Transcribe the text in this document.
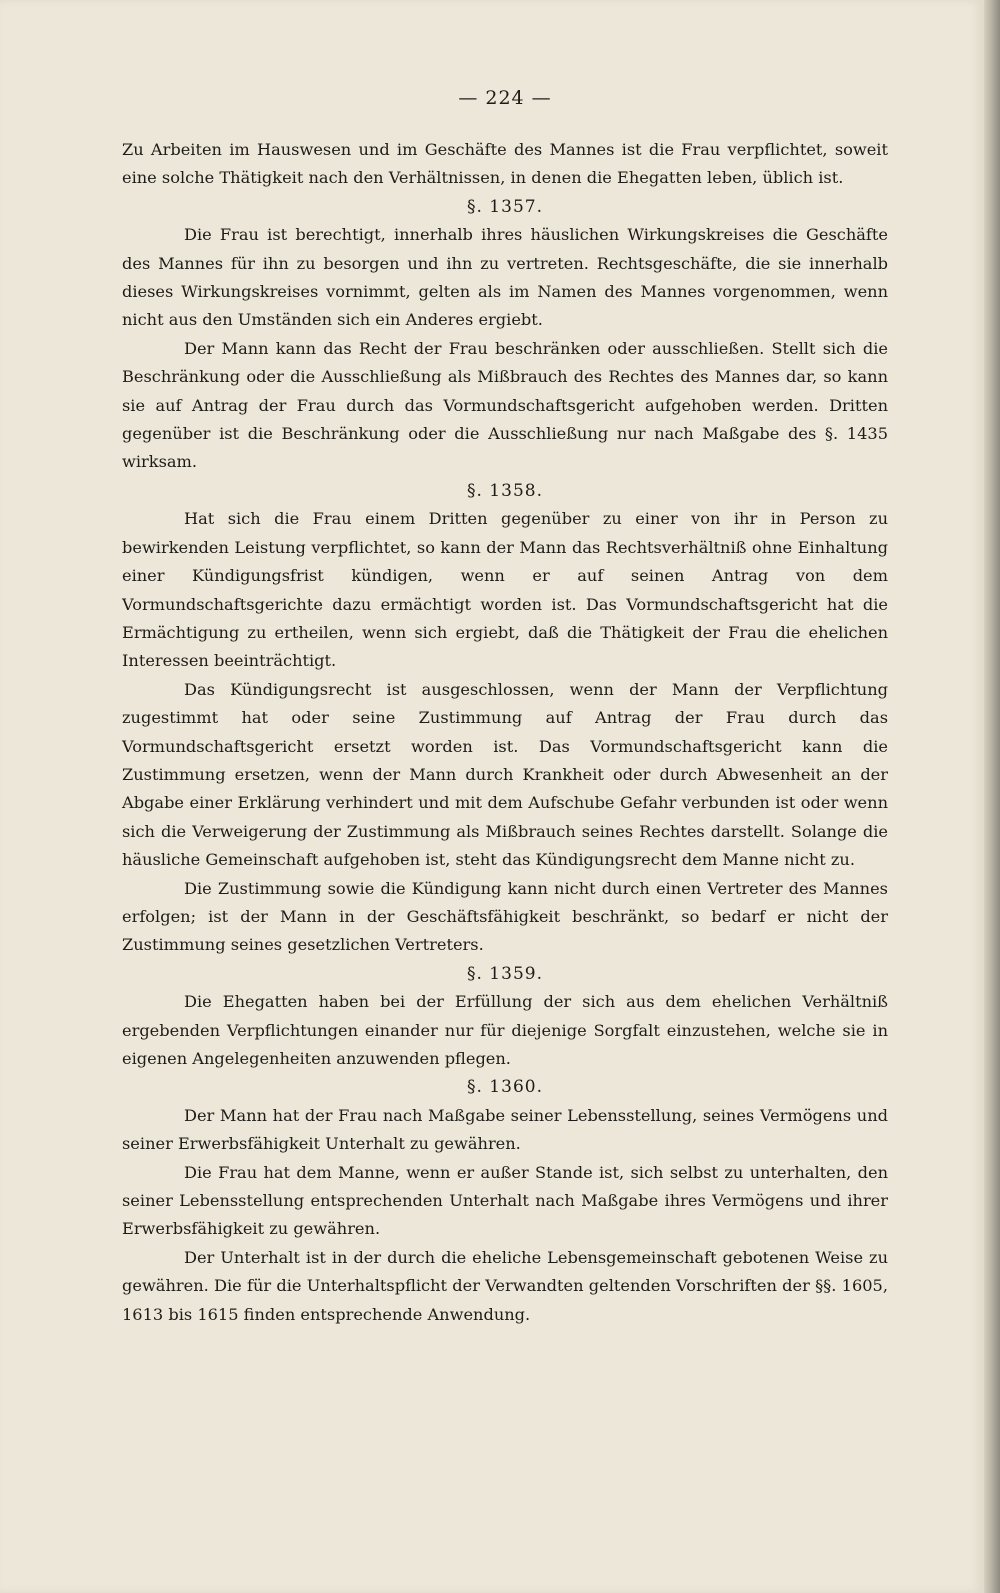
— 224 —

Zu Arbeiten im Hauswesen und im Geschäfte des Mannes ist die Frau verpflichtet, soweit eine solche Thätigkeit nach den Verhältnissen, in denen die Ehegatten leben, üblich ist.

§. 1357.

Die Frau ist berechtigt, innerhalb ihres häuslichen Wirkungskreises die Geschäfte des Mannes für ihn zu besorgen und ihn zu vertreten. Rechtsgeschäfte, die sie innerhalb dieses Wirkungskreises vornimmt, gelten als im Namen des Mannes vorgenommen, wenn nicht aus den Umständen sich ein Anderes ergiebt.

Der Mann kann das Recht der Frau beschränken oder ausschließen. Stellt sich die Beschränkung oder die Ausschließung als Mißbrauch des Rechtes des Mannes dar, so kann sie auf Antrag der Frau durch das Vormundschaftsgericht aufgehoben werden. Dritten gegenüber ist die Beschränkung oder die Ausschließung nur nach Maßgabe des §. 1435 wirksam.

§. 1358.

Hat sich die Frau einem Dritten gegenüber zu einer von ihr in Person zu bewirkenden Leistung verpflichtet, so kann der Mann das Rechtsverhältniß ohne Einhaltung einer Kündigungsfrist kündigen, wenn er auf seinen Antrag von dem Vormundschaftsgerichte dazu ermächtigt worden ist. Das Vormundschaftsgericht hat die Ermächtigung zu ertheilen, wenn sich ergiebt, daß die Thätigkeit der Frau die ehelichen Interessen beeinträchtigt.

Das Kündigungsrecht ist ausgeschlossen, wenn der Mann der Verpflichtung zugestimmt hat oder seine Zustimmung auf Antrag der Frau durch das Vormundschaftsgericht ersetzt worden ist. Das Vormundschaftsgericht kann die Zustimmung ersetzen, wenn der Mann durch Krankheit oder durch Abwesenheit an der Abgabe einer Erklärung verhindert und mit dem Aufschube Gefahr verbunden ist oder wenn sich die Verweigerung der Zustimmung als Mißbrauch seines Rechtes darstellt. Solange die häusliche Gemeinschaft aufgehoben ist, steht das Kündigungsrecht dem Manne nicht zu.

Die Zustimmung sowie die Kündigung kann nicht durch einen Vertreter des Mannes erfolgen; ist der Mann in der Geschäftsfähigkeit beschränkt, so bedarf er nicht der Zustimmung seines gesetzlichen Vertreters.

§. 1359.

Die Ehegatten haben bei der Erfüllung der sich aus dem ehelichen Verhältniß ergebenden Verpflichtungen einander nur für diejenige Sorgfalt einzustehen, welche sie in eigenen Angelegenheiten anzuwenden pflegen.

§. 1360.

Der Mann hat der Frau nach Maßgabe seiner Lebensstellung, seines Vermögens und seiner Erwerbsfähigkeit Unterhalt zu gewähren.

Die Frau hat dem Manne, wenn er außer Stande ist, sich selbst zu unterhalten, den seiner Lebensstellung entsprechenden Unterhalt nach Maßgabe ihres Vermögens und ihrer Erwerbsfähigkeit zu gewähren.

Der Unterhalt ist in der durch die eheliche Lebensgemeinschaft gebotenen Weise zu gewähren. Die für die Unterhaltspflicht der Verwandten geltenden Vorschriften der §§. 1605, 1613 bis 1615 finden entsprechende Anwendung.
